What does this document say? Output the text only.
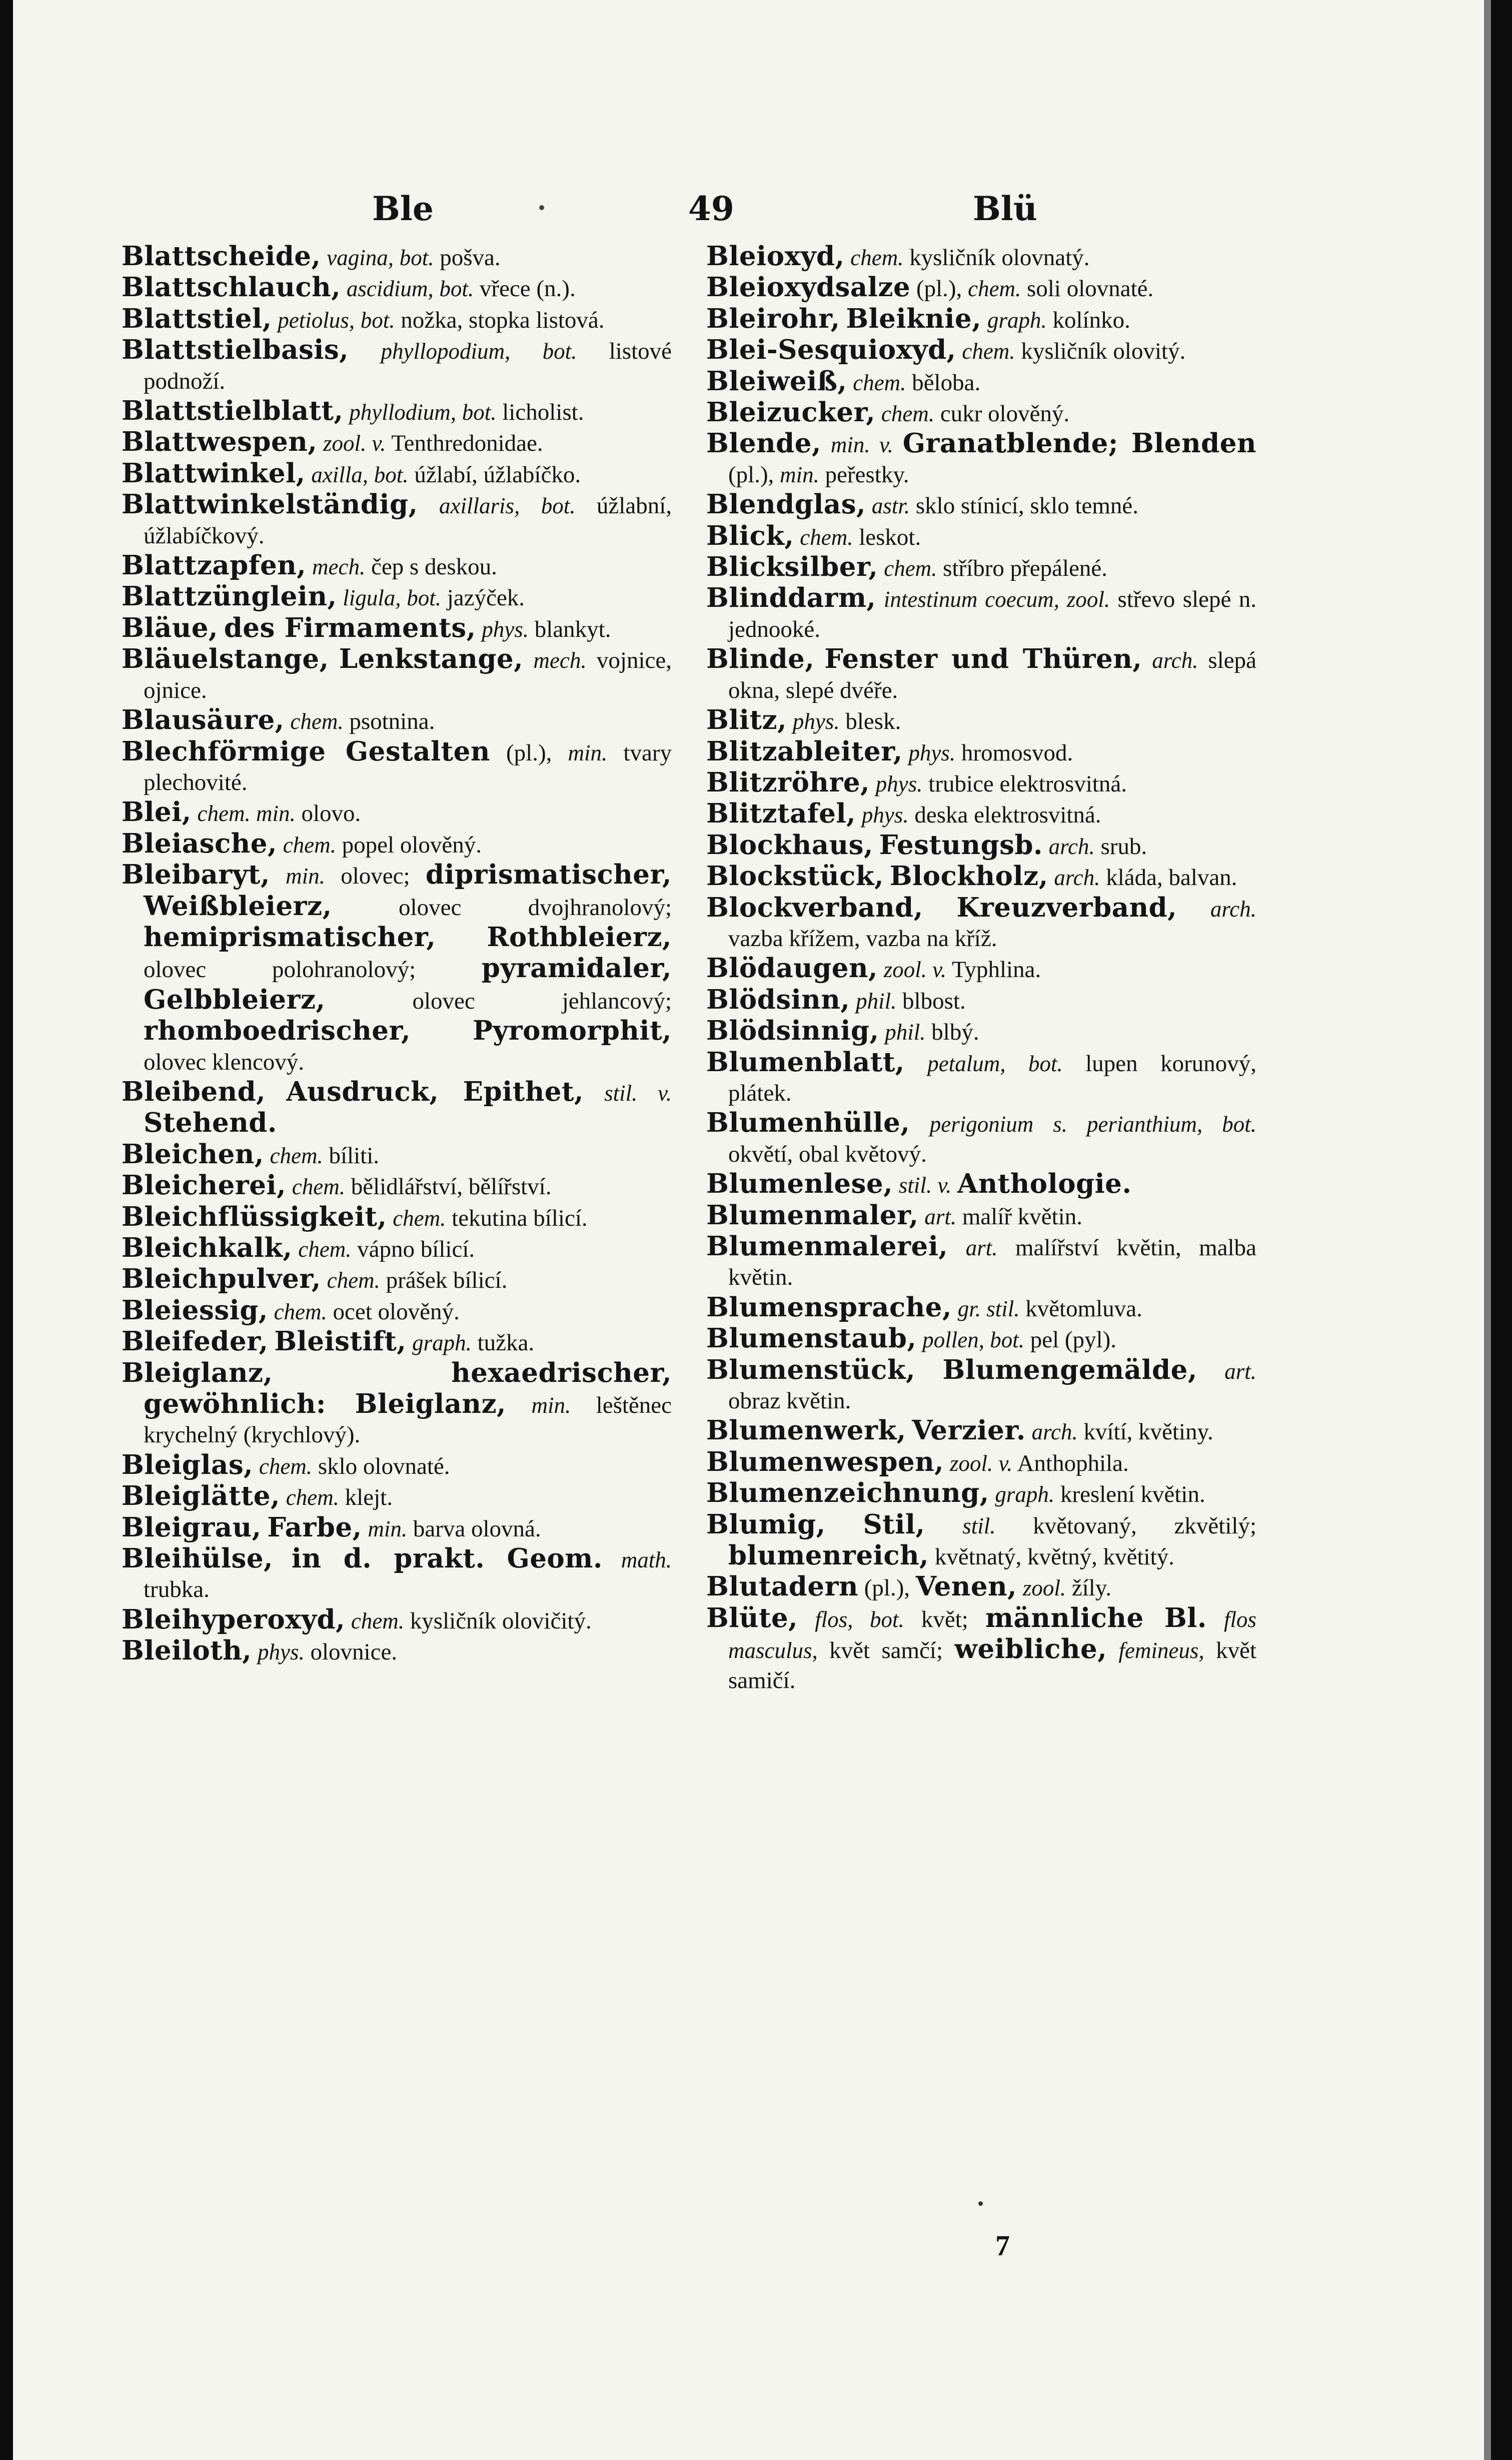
Ble	49	Blü

Blattscheide, vagina, bot. pošva.

Blattschlauch, ascidium, bot. vřece (n.).

Blattstiel, petiolus, bot. nožka, stopka listová.

Blattstielbasis, phyllopodium, bot. listové podnoží.

Blattstielblatt, phyllodium, bot. licholist.

Blattwespen, zool. v. Tenthredonidae.

Blattwinkel, axilla, bot. úžlabí, úžlabíčko.

Blattwinkelständig, axillaris, bot. úžlabní, úžlabíčkový.

Blattzapfen, mech. čep s deskou.

Blattzünglein, ligula, bot. jazýček.

Bläue, des Firmaments, phys. blankyt.

Bläuelstange, Lenkstange, mech. vojnice, ojnice.

Blausäure, chem. psotnina.

Blechförmige Gestalten (pl.), min. tvary plechovité.

Blei, chem. min. olovo.

Bleiasche, chem. popel olověný.

Bleibaryt, min. olovec; diprismatischer, Weißbleierz, olovec dvojhranolový; hemiprismatischer, Rothbleierz, olovec polohranolový; pyramidaler, Gelbbleierz, olovec jehlancový; rhomboedrischer, Pyromorphit, olovec klencový.

Bleibend, Ausdruck, Epithet, stil. v. Stehend.

Bleichen, chem. bíliti.

Bleicherei, chem. bělidlářství, bělířství.

Bleichflüssigkeit, chem. tekutina bílicí.

Bleichkalk, chem. vápno bílicí.

Bleichpulver, chem. prášek bílicí.

Bleiessig, chem. ocet olověný.

Bleifeder, Bleistift, graph. tužka.

Bleiglanz,	hexaedrischer, gewöhnlich: Bleiglanz, min. leštěnec krychelný (krychlový).

Bleiglas, chem. sklo olovnaté.

Bleiglätte, chem. klejt.

Bleigrau, Farbe, min. barva olovná.

Bleihülse, in d. prakt. Geom. math. trubka.

Bleihyperoxyd, chem. kysličník olovičitý.

Bleiloth, phys. olovnice.

Bleioxyd, chem. kysličník olovnatý.

Bleioxydsalze (pl.), chem. soli olovnaté.

Bleirohr, Bleiknie, graph. kolínko.

Blei-Sesquioxyd, chem. kysličník olovitý.

Bleiweiß, chem. běloba.

Bleizucker, chem. cukr olověný.

Blende, min. v. Granatblende; Blenden (pl.), min. peřestky.

Blendglas, astr. sklo stínicí, sklo temné.

Blick, chem. leskot.

Blicksilber, chem. stříbro přepálené.

Blinddarm, intestinum coecum, zool. střevo slepé n. jednooké.

Blinde, Fenster und Thüren, arch. slepá okna, slepé dvéře.

Blitz, phys. blesk.

Blitzableiter, phys. hromosvod.

Blitzröhre, phys. trubice elektrosvitná.

Blitztafel, phys. deska elektrosvitná.

Blockhaus, Festungsb. arch. srub.

Blockstück, Blockholz, arch. kláda, balvan.

Blockverband, Kreuzverband, arch. vazba křížem, vazba na kříž.

Blödaugen, zool. v. Typhlina.

Blödsinn, phil. blbost.

Blödsinnig, phil. blbý.

Blumenblatt, petalum, bot. lupen korunový, plátek.

Blumenhülle, perigonium s. perianthium, bot. okvětí, obal květový.

Blumenlese, stil. v. Anthologie.

Blumenmaler, art. malíř květin.

Blumenmalerei, art. malířství květin, malba květin.

Blumensprache, gr. stil. květomluva.

Blumenstaub, pollen, bot. pel (pyl).

Blumenstück, Blumengemälde, art. obraz květin.

Blumenwerk, Verzier. arch. kvítí, květiny.

Blumenwespen, zool. v. Anthophila.

Blumenzeichnung, graph. kreslení květin.

Blumig, Stil, stil. květovaný, zkvětilý; blumenreich, květnatý, květný, květitý.

Blutadern (pl.), Venen, zool. žíly.

Blüte, flos, bot. květ; männliche Bl. flos masculus, květ samčí; weibliche, femineus, květ samičí.

7
